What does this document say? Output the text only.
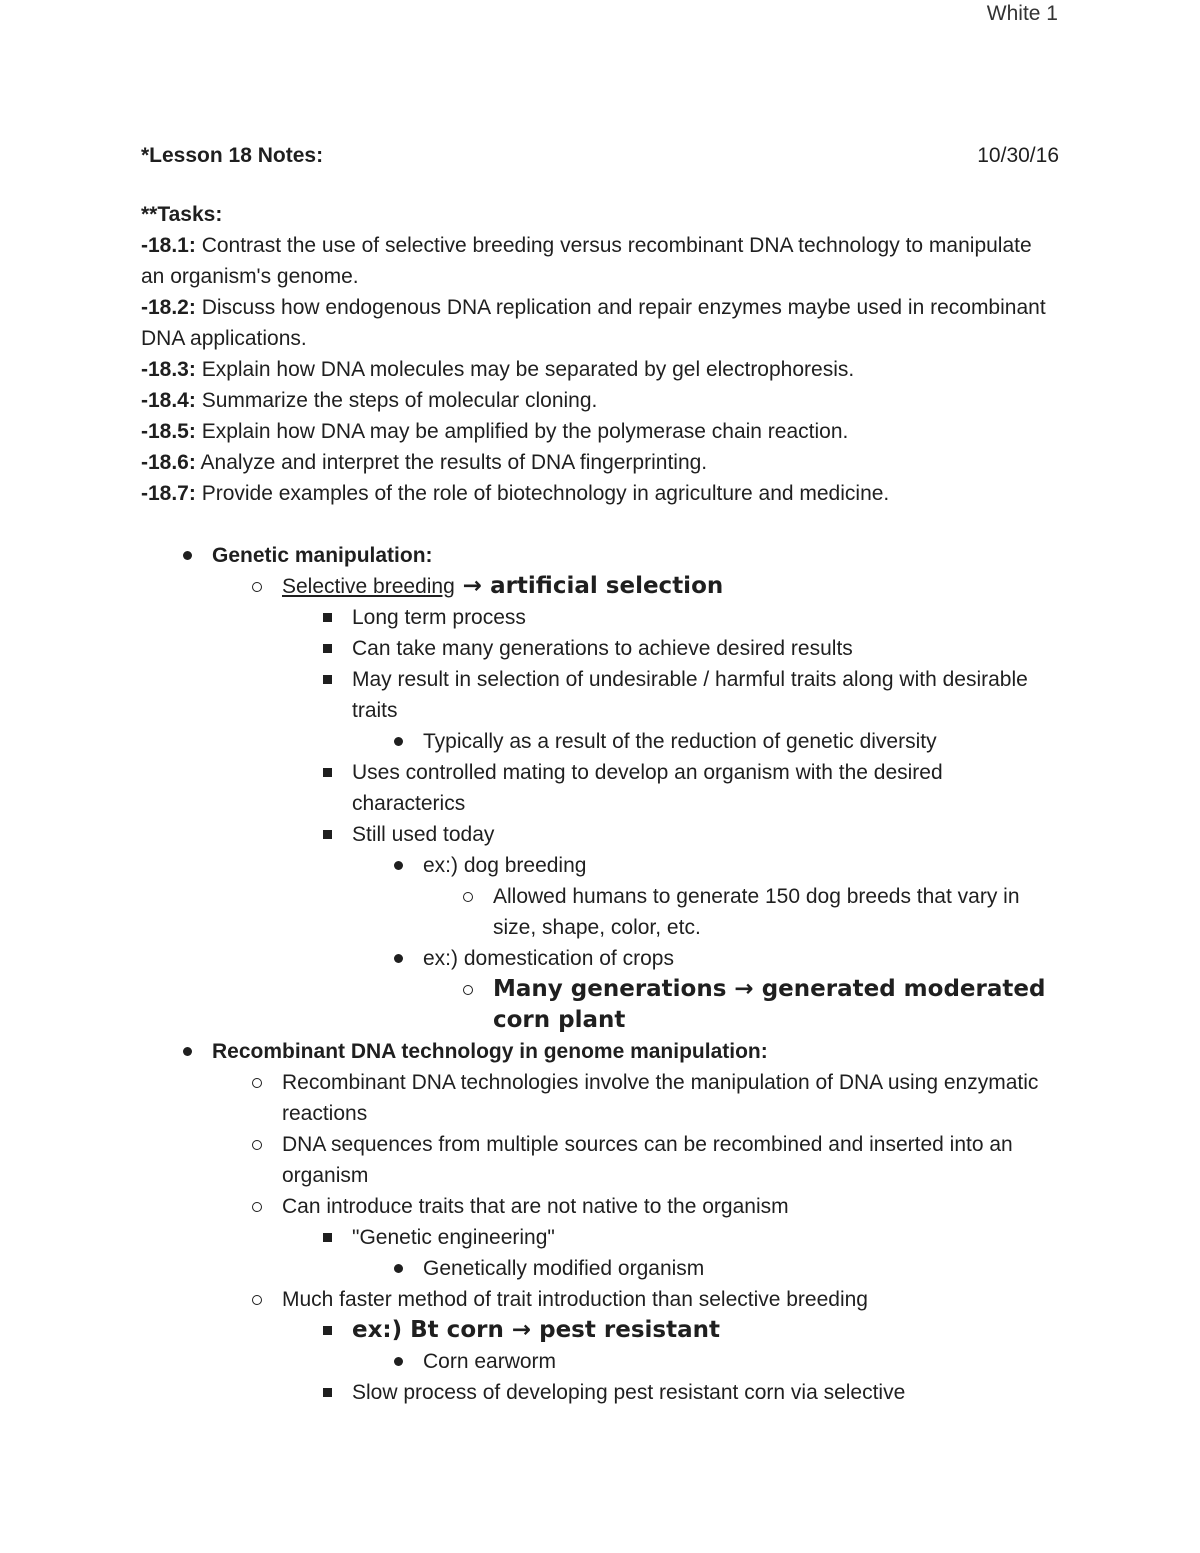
White 1
*Lesson 18 Notes:	10/30/16
**Tasks:

-18.1: Contrast the use of selective breeding versus recombinant DNA technology to manipulate an organism's genome.

-18.2: Discuss how endogenous DNA replication and repair enzymes maybe used in recombinant DNA applications.

-18.3: Explain how DNA molecules may be separated by gel electrophoresis.

-18.4: Summarize the steps of molecular cloning.

-18.5: Explain how DNA may be amplified by the polymerase chain reaction.

-18.6: Analyze and interpret the results of DNA fingerprinting.

-18.7: Provide examples of the role of biotechnology in agriculture and medicine.

Genetic manipulation:
Selective breeding → artificial selection
Long term process
Can take many generations to achieve desired results
May result in selection of undesirable / harmful traits along with desirable traits
Typically as a result of the reduction of genetic diversity
Uses controlled mating to develop an organism with the desired characterics
Still used today
ex:) dog breeding
Allowed humans to generate 150 dog breeds that vary in size, shape, color, etc.
ex:) domestication of crops
Many generations → generated moderated corn plant
Recombinant DNA technology in genome manipulation:
Recombinant DNA technologies involve the manipulation of DNA using enzymatic reactions
DNA sequences from multiple sources can be recombined and inserted into an organism
Can introduce traits that are not native to the organism
"Genetic engineering"
Genetically modified organism
Much faster method of trait introduction than selective breeding
ex:) Bt corn → pest resistant
Corn earworm
Slow process of developing pest resistant corn via selective
